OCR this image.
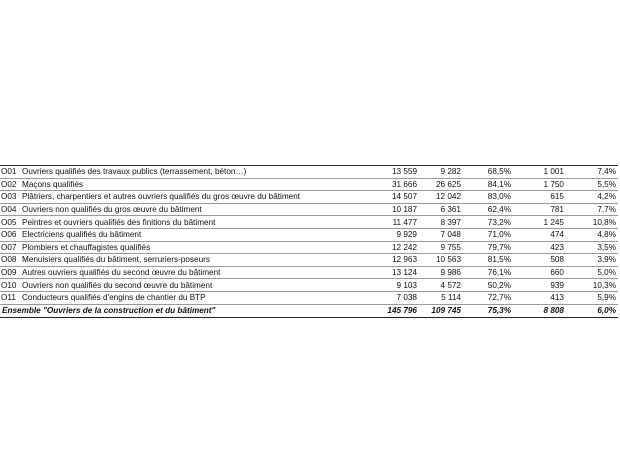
O01	Ouvriers qualifiés des travaux publics (terrassement, béton…)	13 559	9 282	68,5%	1 001	7,4%
O02	Maçons qualifiés	31 666	26 625	84,1%	1 750	5,5%
O03	Plâtriers, charpentiers et autres ouvriers qualifiés du gros œuvre du bâtiment	14 507	12 042	83,0%	615	4,2%
O04	Ouvriers non qualifiés du gros œuvre du bâtiment	10 187	6 361	62,4%	781	7,7%
O05	Peintres et ouvriers qualifiés des finitions du bâtiment	11 477	8 397	73,2%	1 245	10,8%
O06	Electriciens qualifiés du bâtiment	9 929	7 048	71,0%	474	4,8%
O07	Plombiers et chauffagistes qualifiés	12 242	9 755	79,7%	423	3,5%
O08	Menuisiers qualifiés du bâtiment, serruriers-poseurs	12 963	10 563	81,5%	508	3,9%
O09	Autres ouvriers qualifiés du second œuvre du bâtiment	13 124	9 986	76,1%	660	5,0%
O10	Ouvriers non qualifiés du second œuvre du bâtiment	9 103	4 572	50,2%	939	10,3%
O11	Conducteurs qualifiés d'engins de chantier du BTP	7 038	5 114	72,7%	413	5,9%
Ensemble "Ouvriers de la construction et du bâtiment"		145 796	109 745	75,3%	8 808	6,0%
